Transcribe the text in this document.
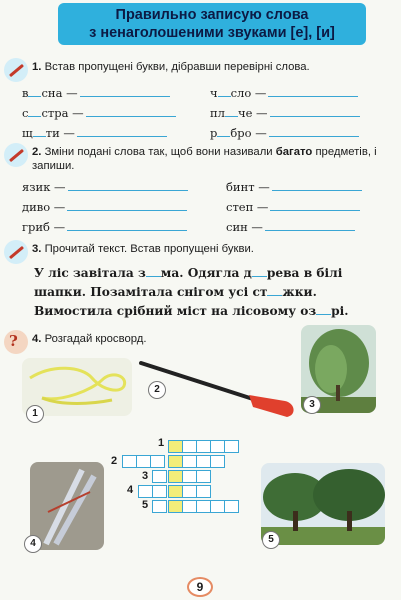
Правильно записую слова
з ненаголошеними звуками [е], [и]
1. Встав пропущені букви, дібравши перевірні слова.
в сна —	ч сло —
с стра —	пл че —
щ ти —	р бро —
2. Зміни подані слова так, щоб вони називали багато предметів, і запиши.
язик —	бинт —
диво —	степ —
гриб —	син —
3. Прочитай текст. Встав пропущені букви.
У ліс завітала з ма. Одягла д рева в білі шапки. Позамітала снігом усі ст жки. Вимостила срібний міст на лісовому оз рі.
? 4. Розгадай кросворд.
1
2
3
4	5
1
2
3
4
5
9
